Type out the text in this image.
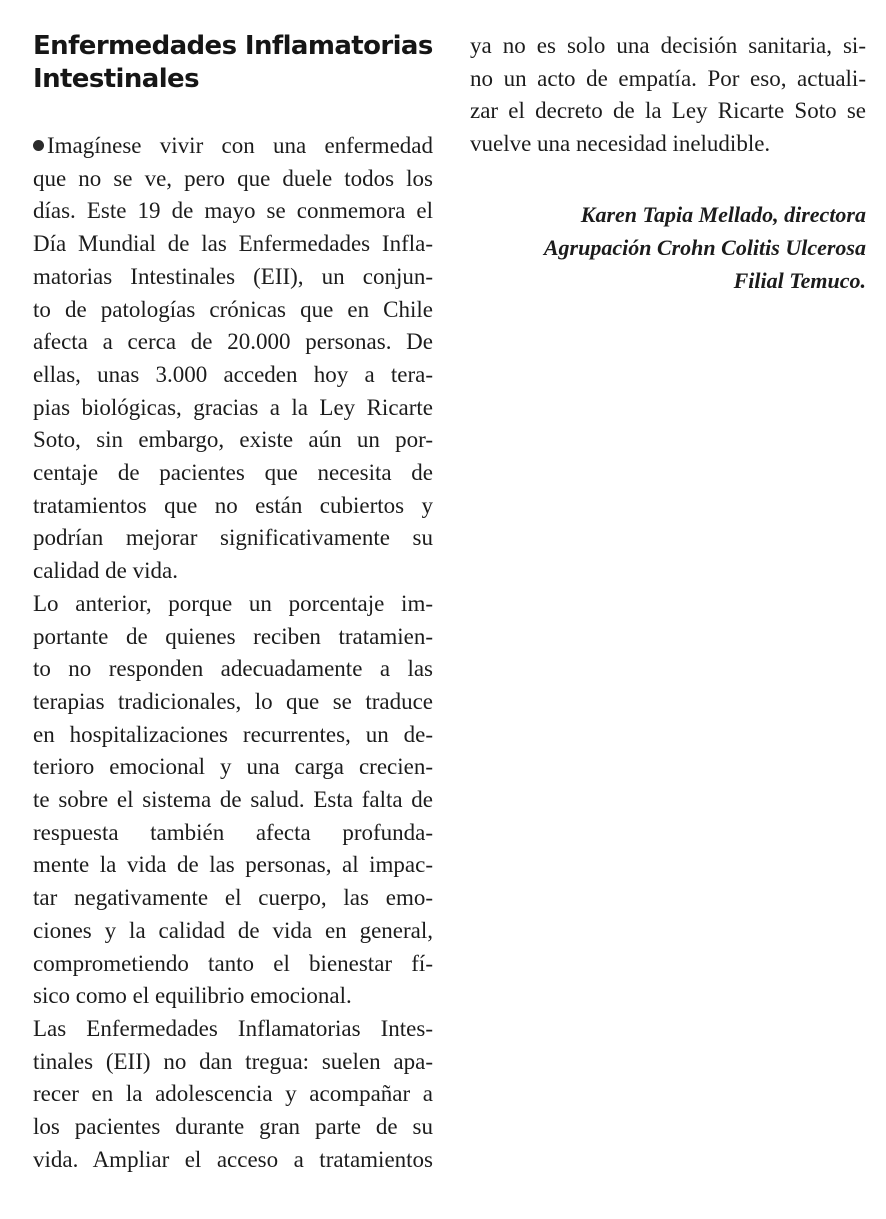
Enfermedades Inflamatorias
Intestinales
Imagínese vivir con una enfermedad
que no se ve, pero que duele todos los
días. Este 19 de mayo se conmemora el
Día Mundial de las Enfermedades Infla-
matorias Intestinales (EII), un conjun-
to de patologías crónicas que en Chile
afecta a cerca de 20.000 personas. De
ellas, unas 3.000 acceden hoy a tera-
pias biológicas, gracias a la Ley Ricarte
Soto, sin embargo, existe aún un por-
centaje de pacientes que necesita de
tratamientos que no están cubiertos y
podrían mejorar significativamente su
calidad de vida.
Lo anterior, porque un porcentaje im-
portante de quienes reciben tratamien-
to no responden adecuadamente a las
terapias tradicionales, lo que se traduce
en hospitalizaciones recurrentes, un de-
terioro emocional y una carga crecien-
te sobre el sistema de salud. Esta falta de
respuesta también afecta profunda-
mente la vida de las personas, al impac-
tar negativamente el cuerpo, las emo-
ciones y la calidad de vida en general,
comprometiendo tanto el bienestar fí-
sico como el equilibrio emocional.
Las Enfermedades Inflamatorias Intes-
tinales (EII) no dan tregua: suelen apa-
recer en la adolescencia y acompañar a
los pacientes durante gran parte de su
vida. Ampliar el acceso a tratamientos
ya no es solo una decisión sanitaria, si-
no un acto de empatía. Por eso, actuali-
zar el decreto de la Ley Ricarte Soto se
vuelve una necesidad ineludible.
Karen Tapia Mellado, directora
Agrupación Crohn Colitis Ulcerosa
Filial Temuco.
